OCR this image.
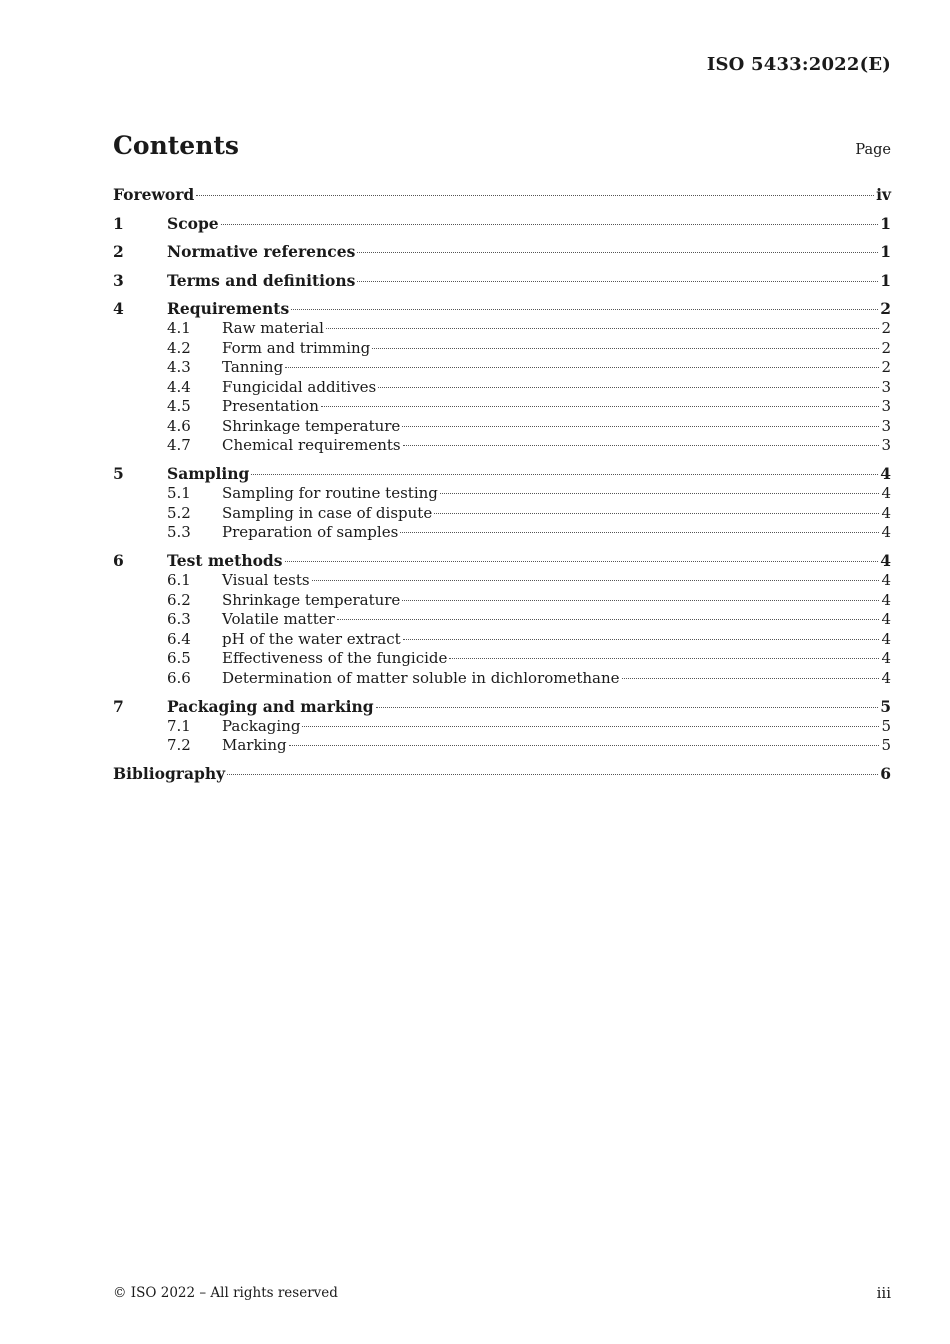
ISO 5433:2022(E)
Contents	Page
Foreword	iv
1	Scope	1
2	Normative references	1
3	Terms and definitions	1
4	Requirements	2
4.1	Raw material	2
4.2	Form and trimming	2
4.3	Tanning	2
4.4	Fungicidal additives	3
4.5	Presentation	3
4.6	Shrinkage temperature	3
4.7	Chemical requirements	3
5	Sampling	4
5.1	Sampling for routine testing	4
5.2	Sampling in case of dispute	4
5.3	Preparation of samples	4
6	Test methods	4
6.1	Visual tests	4
6.2	Shrinkage temperature	4
6.3	Volatile matter	4
6.4	pH of the water extract	4
6.5	Effectiveness of the fungicide	4
6.6	Determination of matter soluble in dichloromethane	4
7	Packaging and marking	5
7.1	Packaging	5
7.2	Marking	5
Bibliography	6
© ISO 2022 – All rights reserved	iii
